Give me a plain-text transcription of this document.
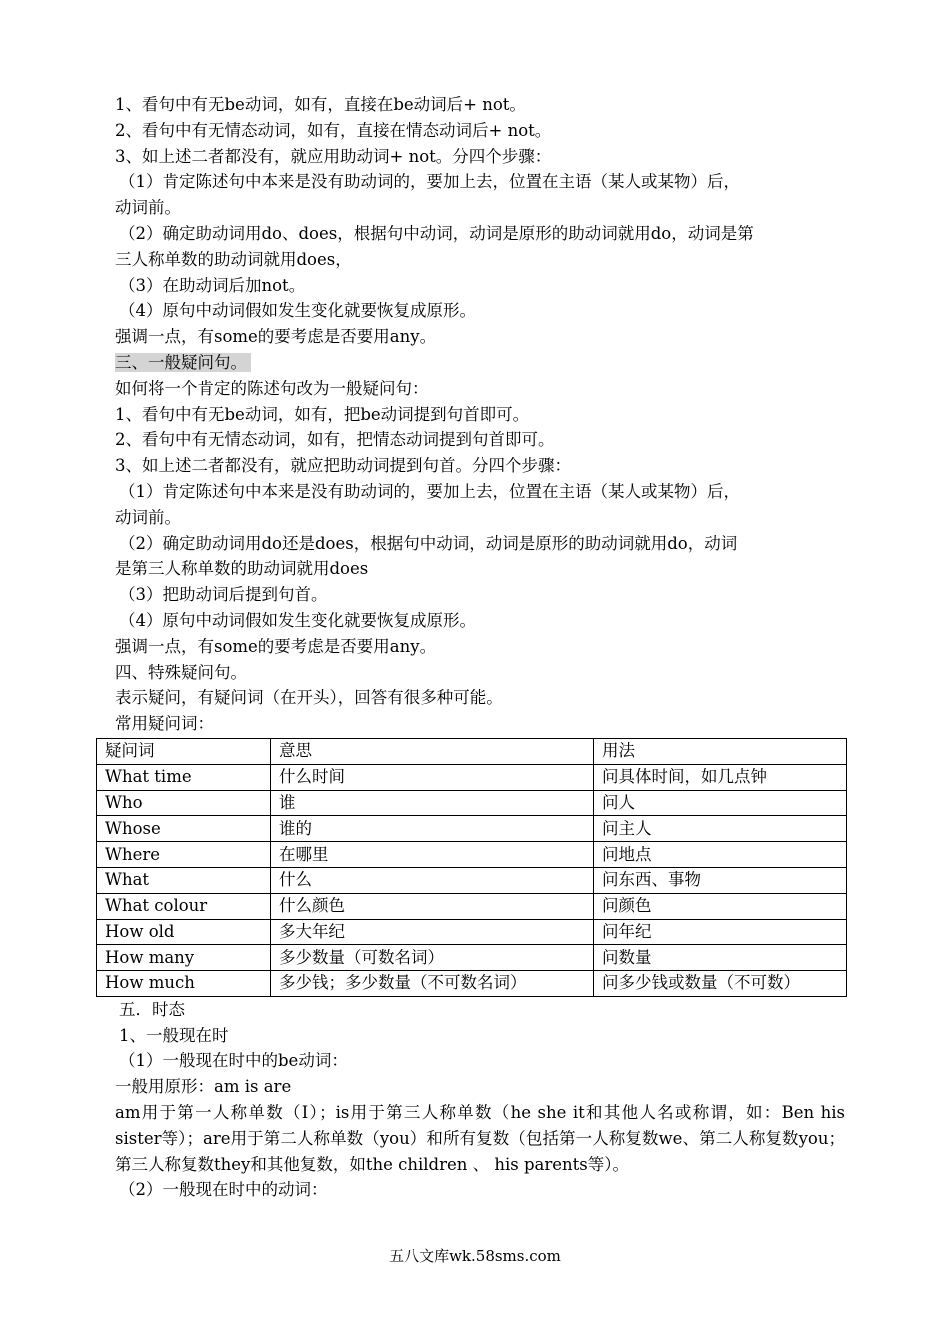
1、看句中有无be动词，如有，直接在be动词后+ not。
2、看句中有无情态动词，如有，直接在情态动词后+ not。
3、如上述二者都没有，就应用助动词+ not。分四个步骤：
（1）肯定陈述句中本来是没有助动词的，要加上去，位置在主语（某人或某物）后，
动词前。
（2）确定助动词用do、does，根据句中动词，动词是原形的助动词就用do，动词是第
三人称单数的助动词就用does，
（3）在助动词后加not。
（4）原句中动词假如发生变化就要恢复成原形。
强调一点，有some的要考虑是否要用any。
三、一般疑问句。
如何将一个肯定的陈述句改为一般疑问句：
1、看句中有无be动词，如有，把be动词提到句首即可。
2、看句中有无情态动词，如有，把情态动词提到句首即可。
3、如上述二者都没有，就应把助动词提到句首。分四个步骤：
（1）肯定陈述句中本来是没有助动词的，要加上去，位置在主语（某人或某物）后，
动词前。
（2）确定助动词用do还是does，根据句中动词，动词是原形的助动词就用do，动词
是第三人称单数的助动词就用does
（3）把助动词后提到句首。
（4）原句中动词假如发生变化就要恢复成原形。
强调一点，有some的要考虑是否要用any。
四、特殊疑问句。
表示疑问，有疑问词（在开头），回答有很多种可能。
常用疑问词：
疑问词	意思	用法
What time	什么时间	问具体时间，如几点钟
Who	谁	问人
Whose	谁的	问主人
Where	在哪里	问地点
What	什么	问东西、事物
What colour	什么颜色	问颜色
How old	多大年纪	问年纪
How many	多少数量（可数名词）	问数量
How much	多少钱；多少数量（不可数名词）	问多少钱或数量（不可数）
五．时态
1、一般现在时
（1）一般现在时中的be动词：
一般用原形：am is are
am用于第一人称单数（I）；is用于第三人称单数（he she it和其他人名或称谓，如：Ben his sister等）；are用于第二人称单数（you）和所有复数（包括第一人称复数we、第二人称复数you；第三人称复数they和其他复数，如the children 、 his parents等）。
（2）一般现在时中的动词：
五八文库wk.58sms.com
